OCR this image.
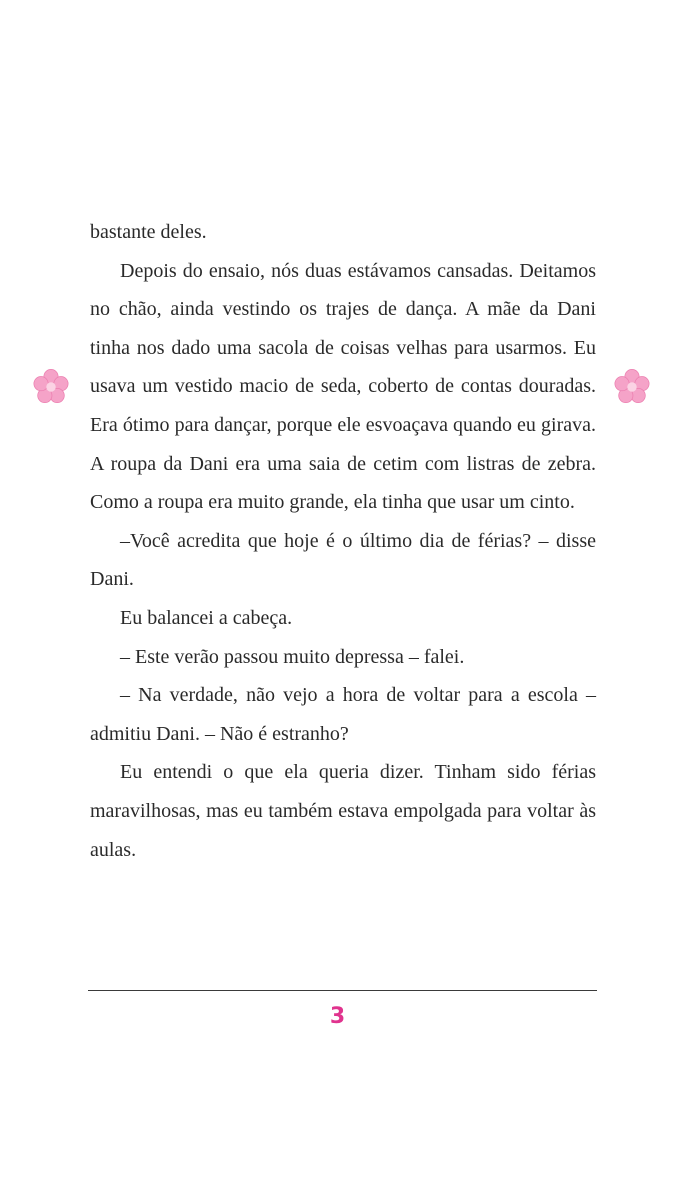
bastante deles.

Depois do ensaio, nós duas estávamos cansadas. Deitamos no chão, ainda vestindo os trajes de dança. A mãe da Dani tinha nos dado uma sacola de coisas velhas para usarmos. Eu usava um vestido macio de seda, coberto de contas douradas. Era ótimo para dançar, porque ele esvoaçava quando eu girava. A roupa da Dani era uma saia de cetim com listras de zebra. Como a roupa era muito grande, ela tinha que usar um cinto.

–Você acredita que hoje é o último dia de férias? – disse Dani.

Eu balancei a cabeça.

– Este verão passou muito depressa – falei.

– Na verdade, não vejo a hora de voltar para a escola – admitiu Dani. – Não é estranho?

Eu entendi o que ela queria dizer. Tinham sido férias maravilhosas, mas eu também estava empolgada para voltar às aulas.

3
